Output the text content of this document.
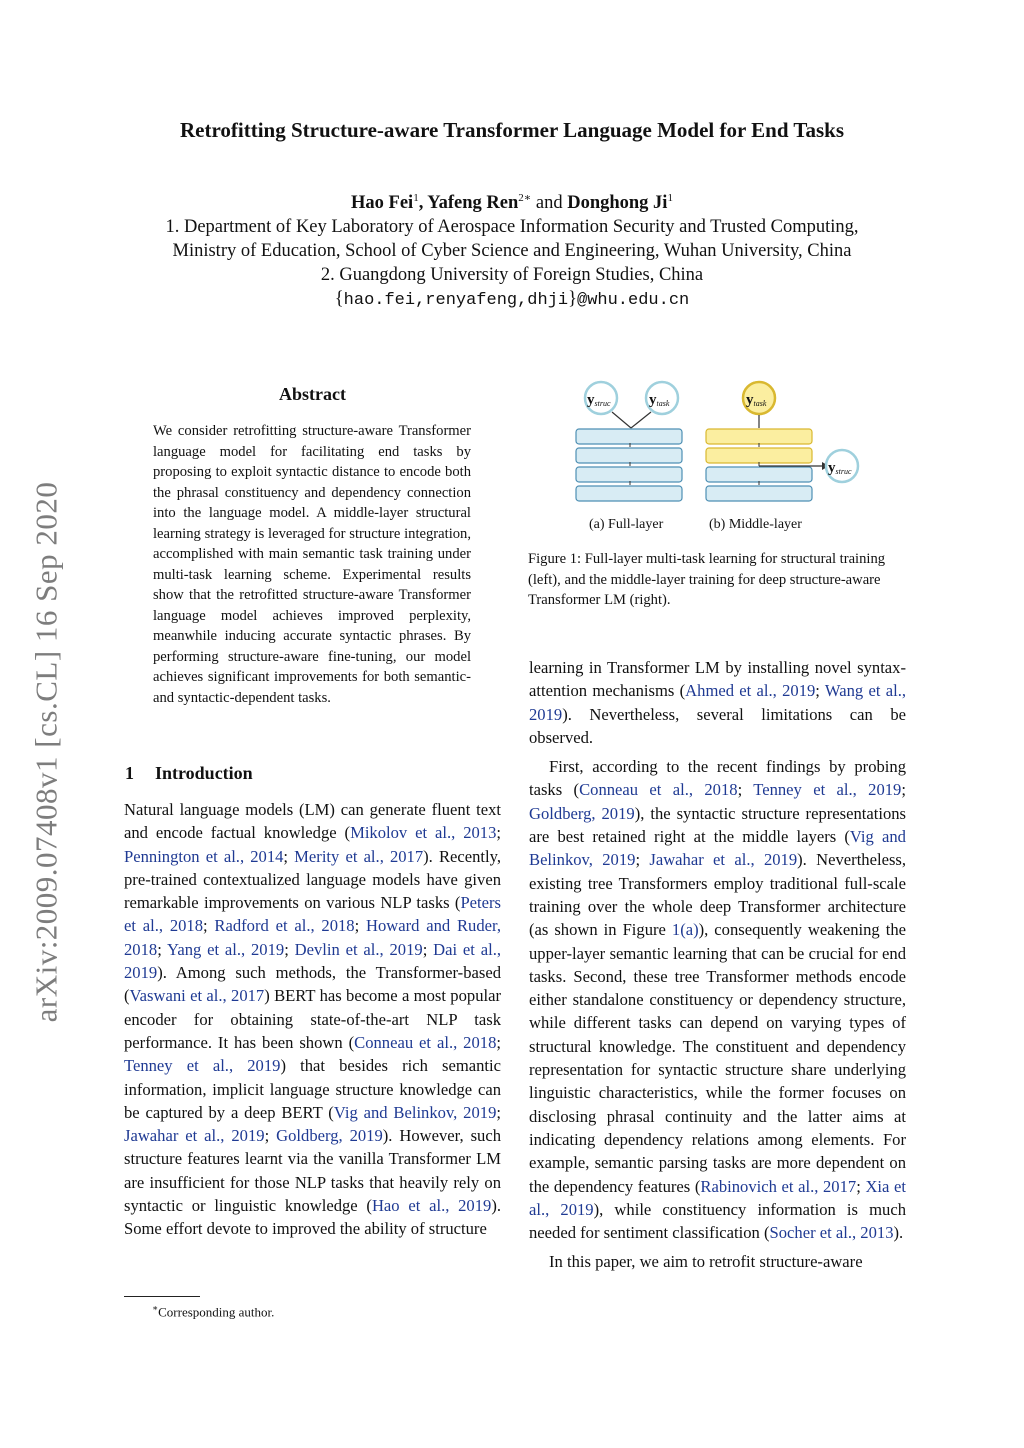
arXiv:2009.07408v1 [cs.CL] 16 Sep 2020
Retrofitting Structure-aware Transformer Language Model for End Tasks
Hao Fei$^1$, Yafeng Ren$^{2∗}$ and Donghong Ji$^1$
1. Department of Key Laboratory of Aerospace Information Security and Trusted Computing,
Ministry of Education, School of Cyber Science and Engineering, Wuhan University, China
2. Guangdong University of Foreign Studies, China
{hao.fei,renyafeng,dhji}@whu.edu.cn
Abstract
We consider retrofitting structure-aware Transformer language model for facilitating end tasks by proposing to exploit syntactic distance to encode both the phrasal constituency and dependency connection into the language model. A middle-layer structural learning strategy is leveraged for structure integration, accomplished with main semantic task training under multi-task learning scheme. Experimental results show that the retrofitted structure-aware Transformer language model achieves improved perplexity, meanwhile inducing accurate syntactic phrases. By performing structure-aware fine-tuning, our model achieves significant improvements for both semantic- and syntactic-dependent tasks.
1 Introduction

Natural language models (LM) can generate fluent text and encode factual knowledge (Mikolov et al., 2013; Pennington et al., 2014; Merity et al., 2017). Recently, pre-trained contextualized language models have given remarkable improvements on various NLP tasks (Peters et al., 2018; Radford et al., 2018; Howard and Ruder, 2018; Yang et al., 2019; Devlin et al., 2019; Dai et al., 2019). Among such methods, the Transformer-based (Vaswani et al., 2017) BERT has become a most popular encoder for obtaining state-of-the-art NLP task performance. It has been shown (Conneau et al., 2018; Tenney et al., 2019) that besides rich semantic information, implicit language structure knowledge can be captured by a deep BERT (Vig and Belinkov, 2019; Jawahar et al., 2019; Goldberg, 2019). However, such structure features learnt via the vanilla Transformer LM are insufficient for those NLP tasks that heavily rely on syntactic or linguistic knowledge (Hao et al., 2019). Some effort devote to improved the ability of structure

∗Corresponding author.
ystruc	ytask
(a) Full-layer
ytask
ystruc
(b) Middle-layer
Figure 1: Full-layer multi-task learning for structural training (left), and the middle-layer training for deep structure-aware Transformer LM (right).

learning in Transformer LM by installing novel syntax-attention mechanisms (Ahmed et al., 2019; Wang et al., 2019). Nevertheless, several limitations can be observed.

First, according to the recent findings by probing tasks (Conneau et al., 2018; Tenney et al., 2019; Goldberg, 2019), the syntactic structure representations are best retained right at the middle layers (Vig and Belinkov, 2019; Jawahar et al., 2019). Nevertheless, existing tree Transformers employ traditional full-scale training over the whole deep Transformer architecture (as shown in Figure 1(a)), consequently weakening the upper-layer semantic learning that can be crucial for end tasks. Second, these tree Transformer methods encode either standalone constituency or dependency structure, while different tasks can depend on varying types of structural knowledge. The constituent and dependency representation for syntactic structure share underlying linguistic characteristics, while the former focuses on disclosing phrasal continuity and the latter aims at indicating dependency relations among elements. For example, semantic parsing tasks are more dependent on the dependency features (Rabinovich et al., 2017; Xia et al., 2019), while constituency information is much needed for sentiment classification (Socher et al., 2013).

In this paper, we aim to retrofit structure-aware
